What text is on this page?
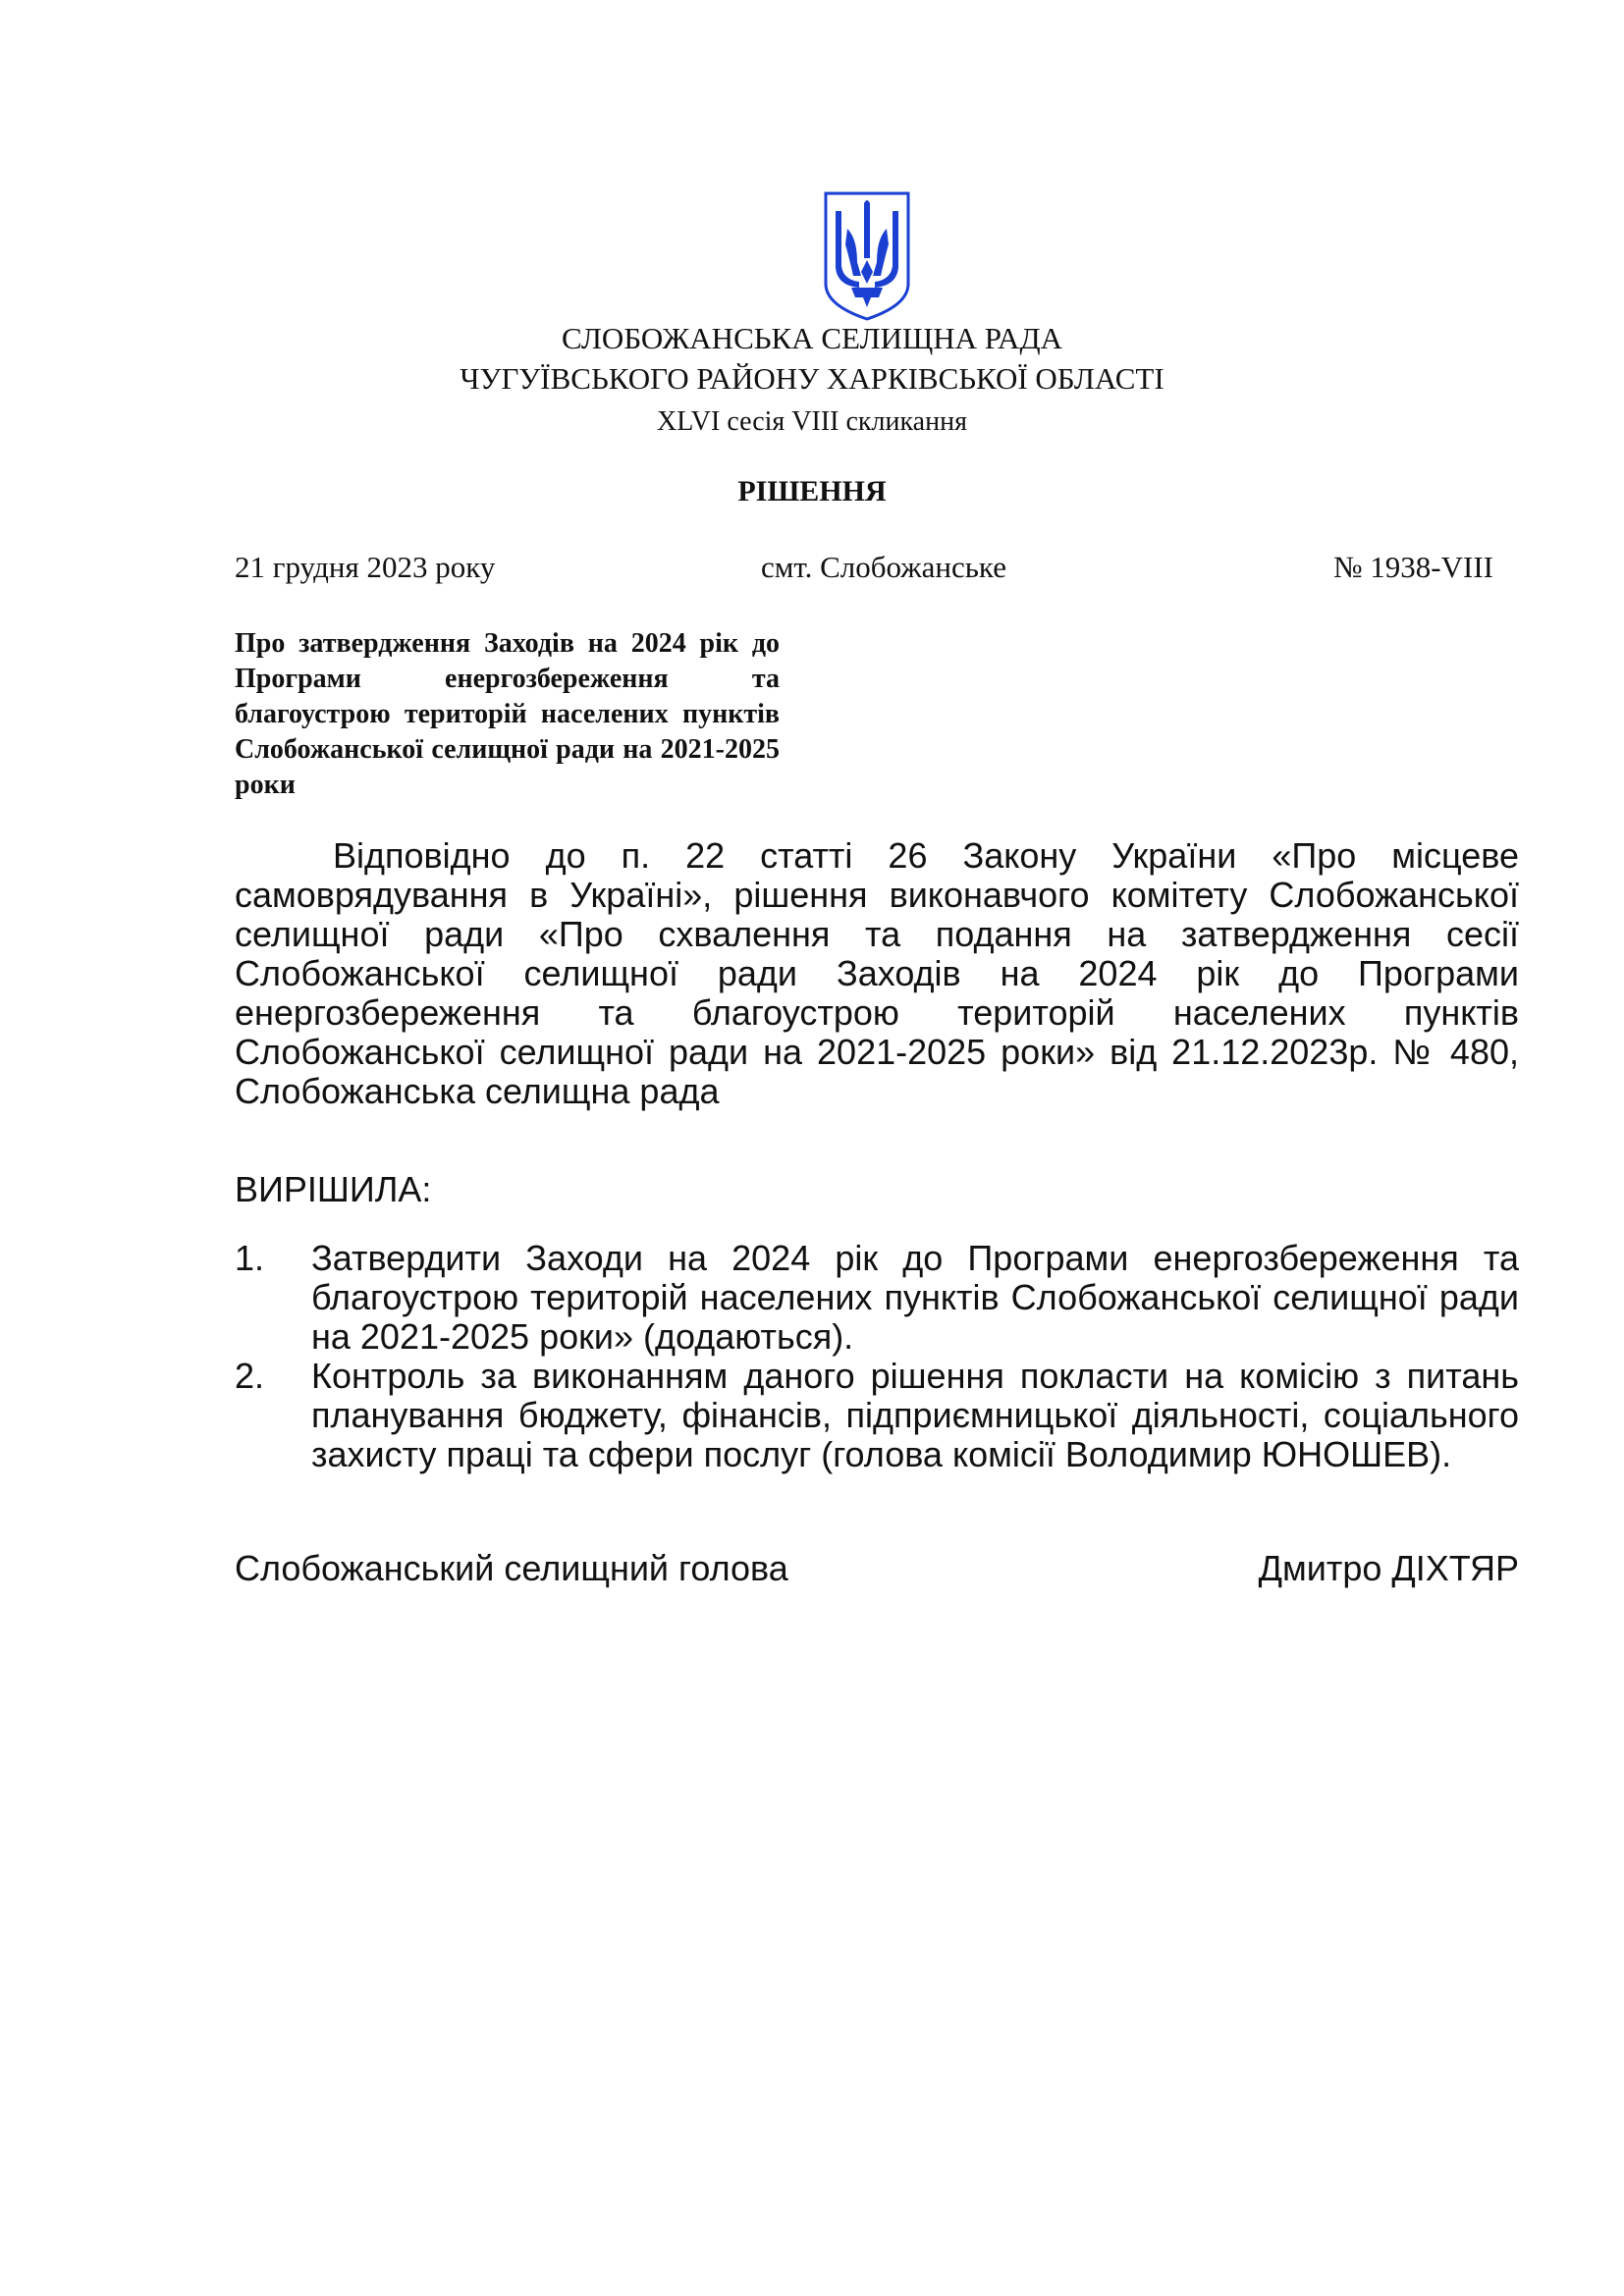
СЛОБОЖАНСЬКА СЕЛИЩНА РАДА
ЧУГУЇВСЬКОГО РАЙОНУ ХАРКІВСЬКОЇ ОБЛАСТІ
XLVI сесія VIII скликання
РІШЕННЯ
21 грудня 2023 року	смт. Слобожанське	№ 1938-VIII
Про затвердження Заходів на 2024 рік до Програми енергозбереження та благоустрою територій населених пунктів Слобожанської селищної ради на 2021-2025 роки

Відповідно до п. 22 статті 26 Закону України «Про місцеве самоврядування в Україні», рішення виконавчого комітету Слобожанської селищної ради «Про схвалення та подання на затвердження сесії Слобожанської селищної ради Заходів на 2024 рік до Програми енергозбереження та благоустрою територій населених пунктів Слобожанської селищної ради на 2021-2025 роки» від 21.12.2023р. № 480, Слобожанська селищна рада

ВИРІШИЛА:
1. Затвердити Заходи на 2024 рік до Програми енергозбереження та благоустрою територій населених пунктів Слобожанської селищної ради на 2021-2025 роки» (додаються).
2. Контроль за виконанням даного рішення покласти на комісію з питань планування бюджету, фінансів, підприємницької діяльності, соціального захисту праці та сфери послуг (голова комісії Володимир ЮНОШЕВ).
Слобожанський селищний голова	Дмитро ДІХТЯР
